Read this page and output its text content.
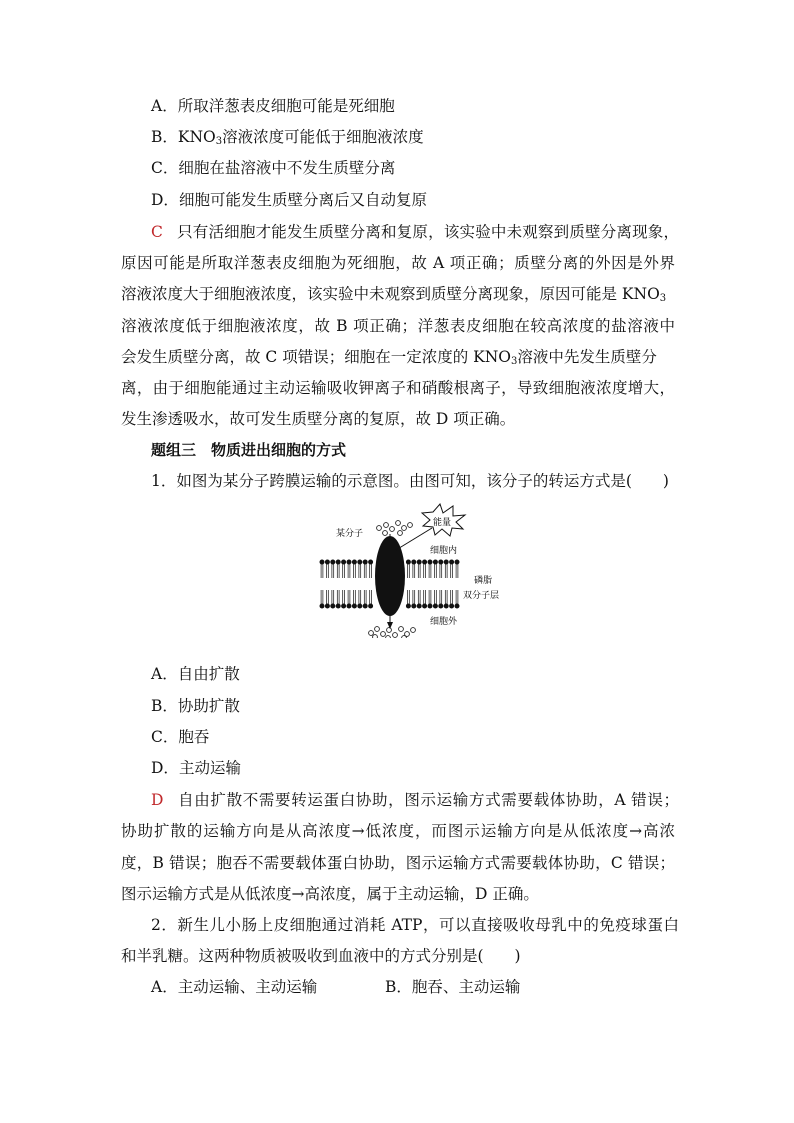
A．所取洋葱表皮细胞可能是死细胞
B．$KNO_3$溶液浓度可能低于细胞液浓度
C．细胞在盐溶液中不发生质壁分离
D．细胞可能发生质壁分离后又自动复原
C 只有活细胞才能发生质壁分离和复原，该实验中未观察到质壁分离现象，
原因可能是所取洋葱表皮细胞为死细胞，故 A 项正确；质壁分离的外因是外界
溶液浓度大于细胞液浓度，该实验中未观察到质壁分离现象，原因可能是 $KNO_3$
溶液浓度低于细胞液浓度，故 B 项正确；洋葱表皮细胞在较高浓度的盐溶液中
会发生质壁分离，故 C 项错误；细胞在一定浓度的 $KNO_3$溶液中先发生质壁分
离，由于细胞能通过主动运输吸收钾离子和硝酸根离子，导致细胞液浓度增大，
发生渗透吸水，故可发生质壁分离的复原，故 D 项正确。
题组三　物质进出细胞的方式
1．如图为某分子跨膜运输的示意图。由图可知，该分子的转运方式是(　　)
某分子
能量
细胞内
磷脂
双分子层
细胞外
A．自由扩散
B．协助扩散
C．胞吞
D．主动运输
D 自由扩散不需要转运蛋白协助，图示运输方式需要载体协助，A 错误；
协助扩散的运输方向是从高浓度→低浓度，而图示运输方向是从低浓度→高浓
度，B 错误；胞吞不需要载体蛋白协助，图示运输方式需要载体协助，C 错误；
图示运输方式是从低浓度→高浓度，属于主动运输，D 正确。
2．新生儿小肠上皮细胞通过消耗 ATP，可以直接吸收母乳中的免疫球蛋白
和半乳糖。这两种物质被吸收到血液中的方式分别是(　　)
A．主动运输、主动运输	B．胞吞、主动运输
